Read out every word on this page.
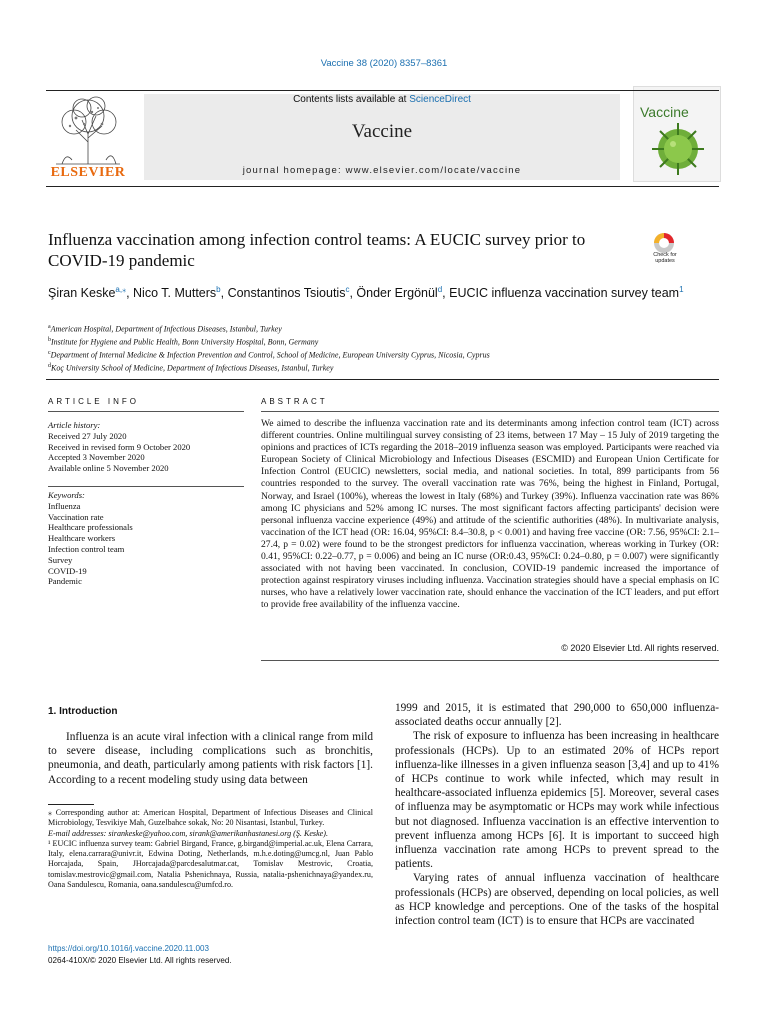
Vaccine 38 (2020) 8357–8361
ELSEVIER
Contents lists available at ScienceDirect
Vaccine
journal homepage: www.elsevier.com/locate/vaccine
Vaccine
Influenza vaccination among infection control teams: A EUCIC survey prior to COVID-19 pandemic	Check for updates
Şiran Keske$^{a,⁎}$, Nico T. Mutters$^b$, Constantinos Tsioutis$^c$, Önder Ergönül$^d$, EUCIC influenza vaccination survey team$^1$
$^a$American Hospital, Department of Infectious Diseases, Istanbul, Turkey
$^b$Institute for Hygiene and Public Health, Bonn University Hospital, Bonn, Germany
$^c$Department of Internal Medicine & Infection Prevention and Control, School of Medicine, European University Cyprus, Nicosia, Cyprus
$^d$Koç University School of Medicine, Department of Infectious Diseases, Istanbul, Turkey
ARTICLE INFO
Article history:
Received 27 July 2020
Received in revised form 9 October 2020
Accepted 3 November 2020
Available online 5 November 2020
Keywords:
Influenza
Vaccination rate
Healthcare professionals
Healthcare workers
Infection control team
Survey
COVID-19
Pandemic
ABSTRACT
We aimed to describe the influenza vaccination rate and its determinants among infection control team (ICT) across different countries. Online multilingual survey consisting of 23 items, between 17 May – 15 July of 2019 targeting the opinions and practices of ICTs regarding the 2018–2019 influenza season was employed. Participants were reached via European Society of Clinical Microbiology and Infectious Diseases (ESCMID) and European Union Certificate for Infection Control (EUCIC) newsletters, social media, and national societies. In total, 899 participants from 56 countries responded to the survey. The overall vaccination rate was 76%, being the highest in Finland, Portugal, Norway, and Israel (100%), whereas the lowest in Italy (68%) and Turkey (39%). Influenza vaccination rate was 86% among IC physicians and 52% among IC nurses. The most significant factors affecting participants' decision were personal influenza vaccine experience (49%) and attitude of the scientific authorities (48%). In multivariate analysis, vaccination of the ICT head (OR: 16.04, 95%CI: 8.4–30.8, p < 0.001) and having free vaccine (OR: 7.56, 95%CI: 2.1–27.4, p = 0.02) were found to be the strongest predictors for influenza vaccination, whereas working in Turkey (OR: 0.41, 95%CI: 0.22–0.77, p = 0.006) and being an IC nurse (OR:0.43, 95%CI: 0.24–0.80, p = 0.007) were significantly associated with not having been vaccinated. In conclusion, COVID-19 pandemic increased the importance of protection against respiratory viruses including influenza. Vaccination strategies should have a special emphasis on IC nurses, who have a relatively lower vaccination rate, should enhance the vaccination of the ICT leaders, and put effort to provide free availability of the influenza vaccine.
© 2020 Elsevier Ltd. All rights reserved.
1. Introduction

Influenza is an acute viral infection with a clinical range from mild to severe disease, including complications such as bronchitis, pneumonia, and death, particularly among patients with risk factors [1]. According to a recent modeling study using data between

1999 and 2015, it is estimated that 290,000 to 650,000 influenza-associated deaths occur annually [2].

The risk of exposure to influenza has been increasing in healthcare professionals (HCPs). Up to an estimated 20% of HCPs report influenza-like illnesses in a given influenza season [3,4] and up to 41% of HCPs continue to work while infected, which may result in healthcare-associated influenza epidemics [5]. Moreover, several cases of influenza may be asymptomatic or HCPs may work while infectious but not diagnosed. Influenza vaccination is an effective intervention to prevent influenza among HCPs [6]. It is important to succeed high influenza vaccination rate among HCPs to prevent spread to the patients.

Varying rates of annual influenza vaccination of healthcare professionals (HCPs) are observed, depending on local policies, as well as HCP knowledge and perceptions. One of the tasks of the hospital infection control team (ICT) is to ensure that HCPs are vaccinated

⁎ Corresponding author at: American Hospital, Department of Infectious Diseases and Clinical Microbiology, Tesvikiye Mah, Guzelbahce sokak, No: 20 Nisantasi, Istanbul, Turkey.
E-mail addresses: sirankeske@yahoo.com, sirank@amerikanhastanesi.org (Ş. Keske).
¹ EUCIC influenza survey team: Gabriel Birgand, France, g.birgand@imperial.ac.uk, Elena Carrara, Italy, elena.carrara@univr.it, Edwina Doting, Netherlands, m.h.e.doting@umcg.nl, Juan Pablo Horcajada, Spain, JHorcajada@parcdesalutmar.cat, Tomislav Mestrovic, Croatia, tomislav.mestrovic@gmail.com, Natalia Pshenichnaya, Russia, natalia-pshenichnaya@yandex.ru, Oana Sandulescu, Romania, oana.sandulescu@umfcd.ro.
https://doi.org/10.1016/j.vaccine.2020.11.003
0264-410X/© 2020 Elsevier Ltd. All rights reserved.
